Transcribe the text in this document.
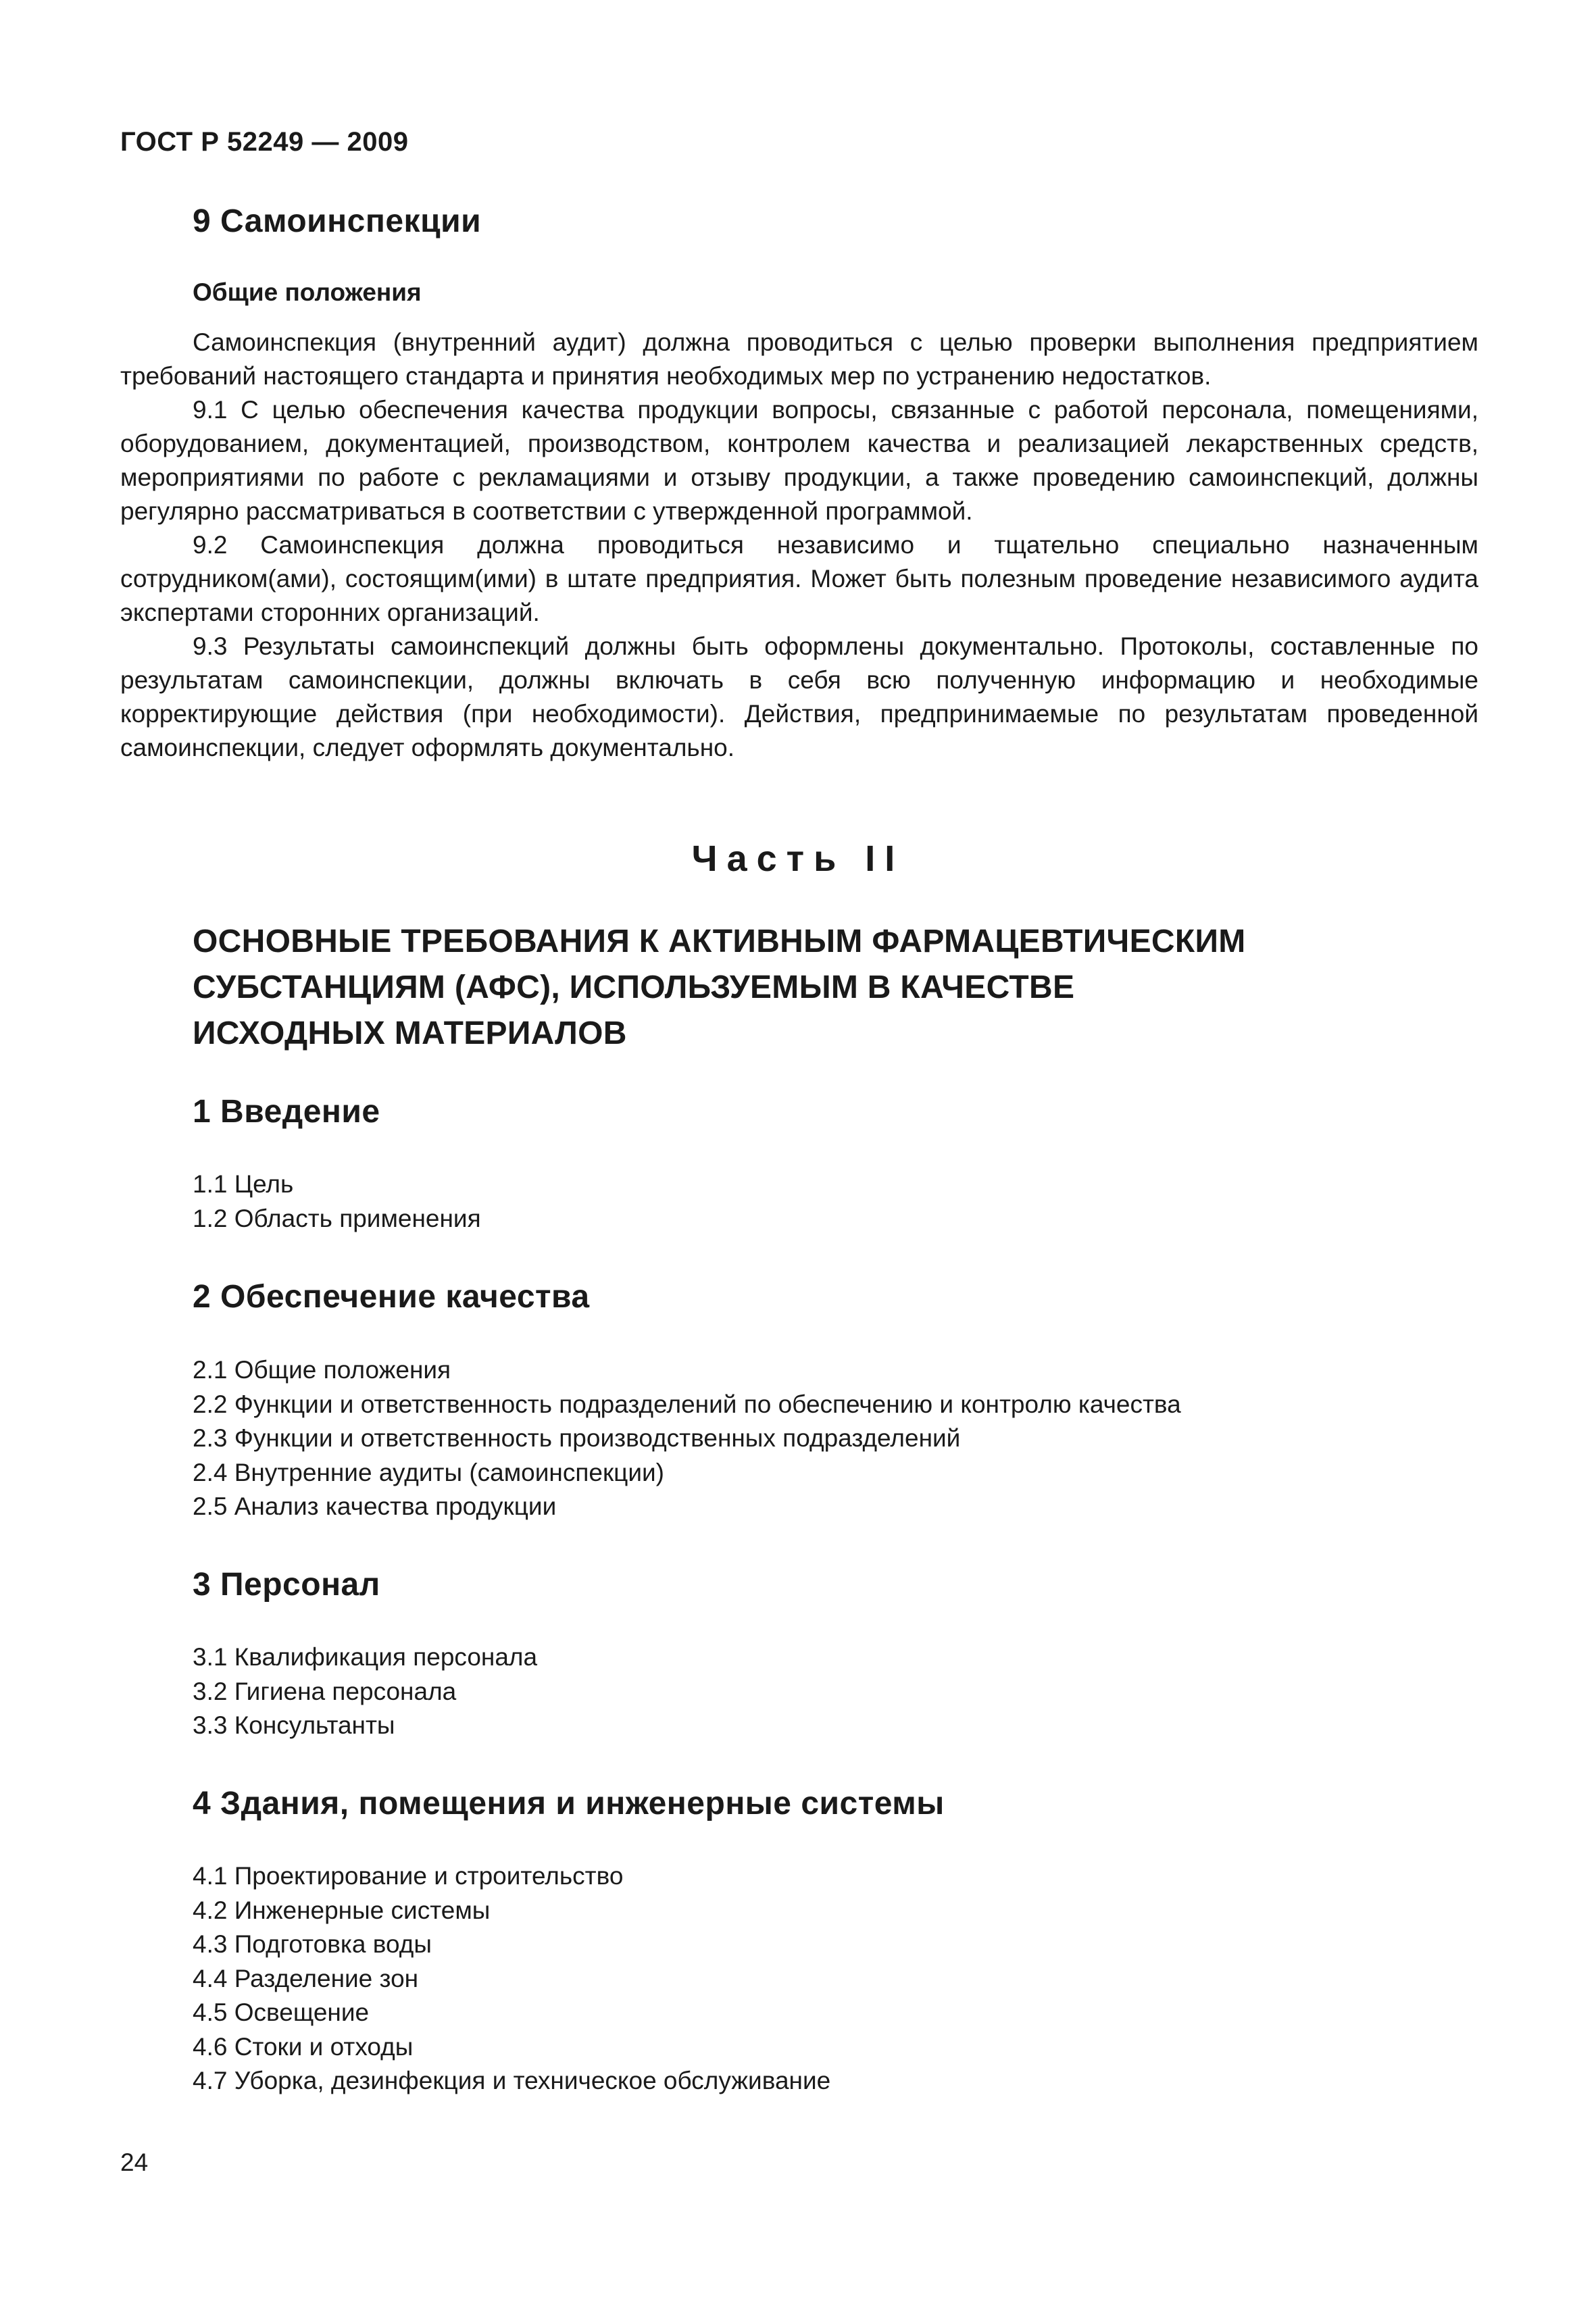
ГОСТ Р 52249 — 2009
9 Самоинспекции
Общие положения

Самоинспекция (внутренний аудит) должна проводиться с целью проверки выполнения предприятием требований настоящего стандарта и принятия необходимых мер по устранению недостатков.

9.1 С целью обеспечения качества продукции вопросы, связанные с работой персонала, помещениями, оборудованием, документацией, производством, контролем качества и реализацией лекарственных средств, мероприятиями по работе с рекламациями и отзыву продукции, а также проведению самоинспекций, должны регулярно рассматриваться в соответствии с утвержденной программой.

9.2 Самоинспекция должна проводиться независимо и тщательно специально назначенным сотрудником(ами), состоящим(ими) в штате предприятия. Может быть полезным проведение независимого аудита экспертами сторонних организаций.

9.3 Результаты самоинспекций должны быть оформлены документально. Протоколы, составленные по результатам самоинспекции, должны включать в себя всю полученную информацию и необходимые корректирующие действия (при необходимости). Действия, предпринимаемые по результатам проведенной самоинспекции, следует оформлять документально.

Часть II
ОСНОВНЫЕ ТРЕБОВАНИЯ К АКТИВНЫМ ФАРМАЦЕВТИЧЕСКИМ
СУБСТАНЦИЯМ (АФС), ИСПОЛЬЗУЕМЫМ В КАЧЕСТВЕ
ИСХОДНЫХ МАТЕРИАЛОВ
1 Введение
1.1 Цель
1.2 Область применения
2 Обеспечение качества
2.1 Общие положения
2.2 Функции и ответственность подразделений по обеспечению и контролю качества
2.3 Функции и ответственность производственных подразделений
2.4 Внутренние аудиты (самоинспекции)
2.5 Анализ качества продукции
3 Персонал
3.1 Квалификация персонала
3.2 Гигиена персонала
3.3 Консультанты
4 Здания, помещения и инженерные системы
4.1 Проектирование и строительство
4.2 Инженерные системы
4.3 Подготовка воды
4.4 Разделение зон
4.5 Освещение
4.6 Стоки и отходы
4.7 Уборка, дезинфекция и техническое обслуживание
24
